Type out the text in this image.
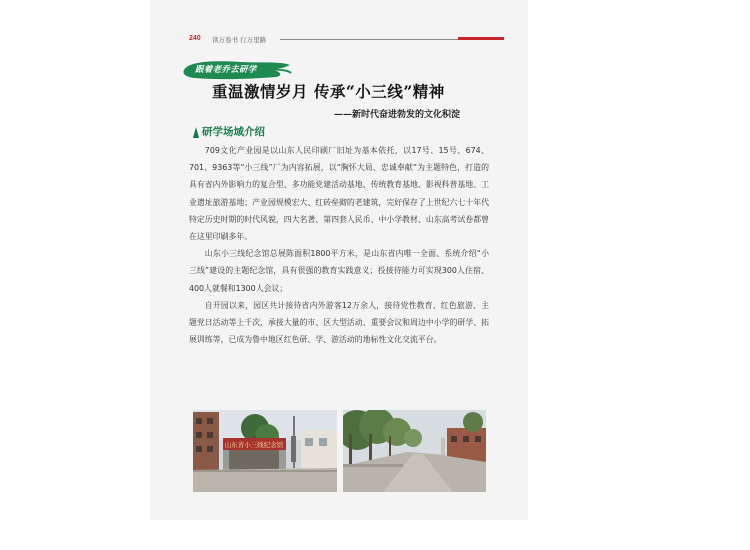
240 读万卷书 行万里路
跟着老乔去研学
重温激情岁月 传承“小三线”精神
——新时代奋进勃发的文化积淀
研学场域介绍

709文化产业园是以山东人民印刷厂旧址为基本依托，以17号、15号、674、701、9363等“小三线”厂为内容拓展，以“胸怀大局、忠诚奉献”为主题特色，打造的具有省内外影响力的复合型、多功能党建活动基地、传统教育基地、影视科普基地、工业遗址旅游基地；产业园规模宏大、红砖垒砌的老建筑，完好保存了上世纪六七十年代特定历史时期的时代风貌，四大名著、第四套人民币、中小学教材、山东高考试卷都曾在这里印刷多年。

山东小三线纪念馆总展陈面积1800平方米，是山东省内唯一全面、系统介绍“小三线”建设的主题纪念馆，具有很强的教育实践意义；投接待能力可实现300人住宿、400人就餐和1300人会议；

自开园以来，园区共计接待省内外游客12万余人，接待党性教育、红色旅游、主题党日活动等上千次，承接大量的市、区大型活动、重要会议和周边中小学的研学、拓展训练等，已成为鲁中地区红色研、学、游活动的地标性文化交流平台。

山东省小三线纪念馆
